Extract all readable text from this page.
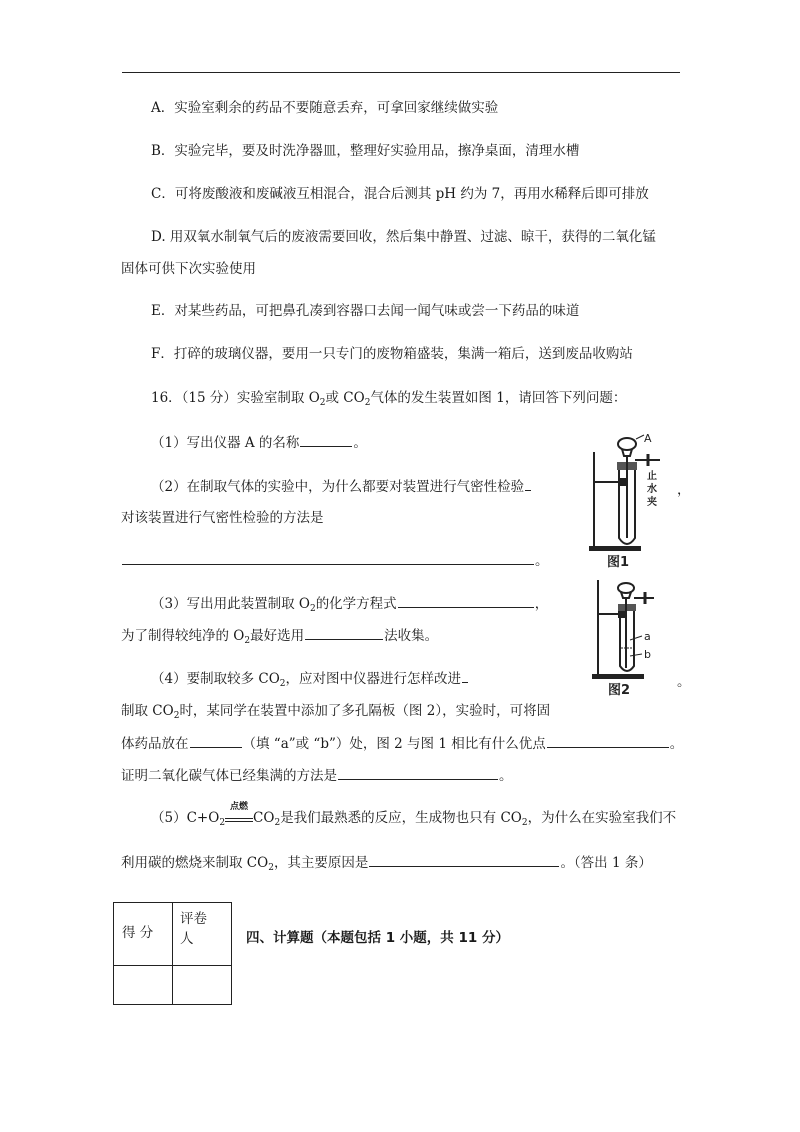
A．实验室剩余的药品不要随意丢弃，可拿回家继续做实验
B．实验完毕，要及时洗净器皿，整理好实验用品，擦净桌面，清理水槽
C．可将废酸液和废碱液互相混合，混合后测其 pH 约为 7，再用水稀释后即可排放
D. 用双氧水制氧气后的废液需要回收，然后集中静置、过滤、晾干，获得的二氧化锰
固体可供下次实验使用
E．对某些药品，可把鼻孔凑到容器口去闻一闻气味或尝一下药品的味道
F．打碎的玻璃仪器，要用一只专门的废物箱盛装，集满一箱后，送到废品收购站
16．（15 分）实验室制取 $O_2$或 $CO_2$气体的发生装置如图 1，请回答下列问题：
（1）写出仪器 A 的名称	。
（2）在制取气体的实验中，为什么都要对装置进行气密性检验	，
对该装置进行气密性检验的方法是
。
（3）写出用此装置制取 $O_2$的化学方程式	，
为了制得较纯净的 $O_2$最好选用	法收集。
（4）要制取较多 $CO_2$，应对图中仪器进行怎样改进	。
制取 $CO_2$时，某同学在装置中添加了多孔隔板（图 2），实验时，可将固
体药品放在	（填 “a”或 “b”）处，图 2 与图 1 相比有什么优点	。
证明二氧化碳气体已经集满的方法是	。
$(5)C+O_2$
点燃
$CO_2$是我们最熟悉的反应，生成物也只有 $CO_2$，为什么在实验室我们不
利用碳的燃烧来制取 $CO_2$，其主要原因是	。（答出 1 条）
A
止
水
夹
图1
a
b
图2
得 分	评卷
人

		四、计算题（本题包括 1 小题，共 11 分）
